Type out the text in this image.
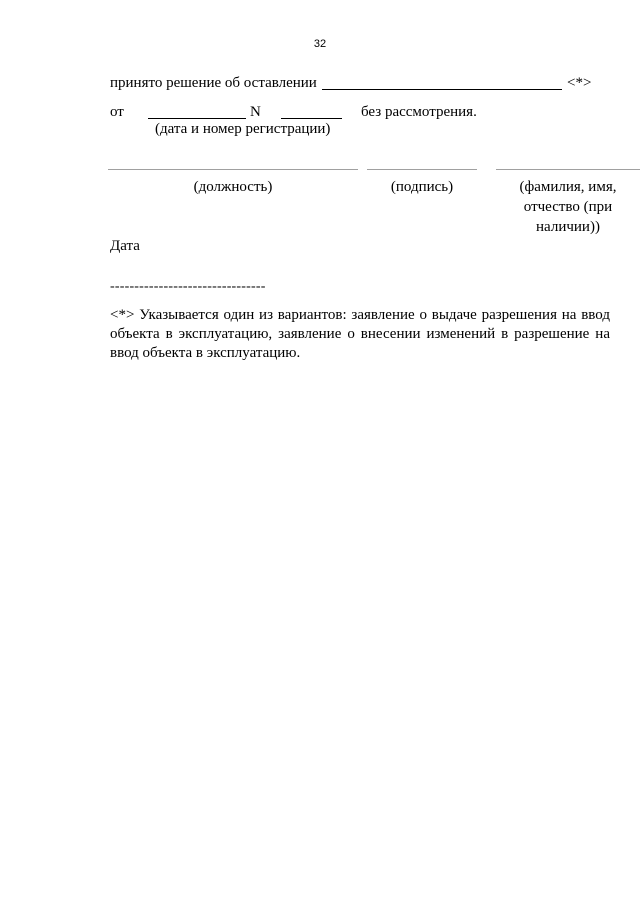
32
принято решение об оставлении	<*>
от	N	без рассмотрения.
(дата и номер регистрации)
(должность)	(подпись)	(фамилия, имя, отчество (при наличии))
Дата
--------------------------------
<*> Указывается один из вариантов: заявление о выдаче разрешения на ввод объекта в эксплуатацию, заявление о внесении изменений в разрешение на ввод объекта в эксплуатацию.
